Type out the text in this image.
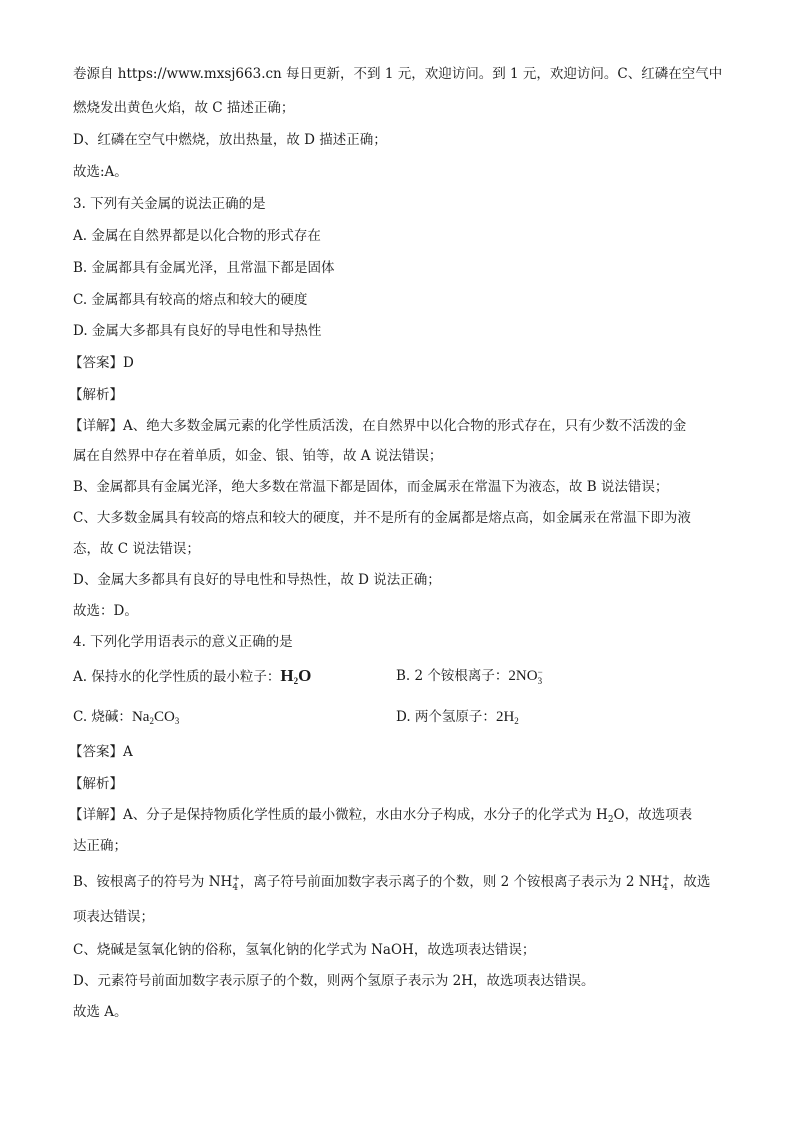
卷源自 https://www.mxsj663.cn 每日更新，不到 1 元，欢迎访问。到 1 元，欢迎访问。C、红磷在空气中
燃烧发出黄色火焰，故 C 描述正确；
D、红磷在空气中燃烧，放出热量，故 D 描述正确；
故选:A。
3. 下列有关金属的说法正确的是
A. 金属在自然界都是以化合物的形式存在
B. 金属都具有金属光泽，且常温下都是固体
C. 金属都具有较高的熔点和较大的硬度
D. 金属大多都具有良好的导电性和导热性
【答案】D
【解析】
【详解】A、绝大多数金属元素的化学性质活泼，在自然界中以化合物的形式存在，只有少数不活泼的金
属在自然界中存在着单质，如金、银、铂等，故 A 说法错误；
B、金属都具有金属光泽，绝大多数在常温下都是固体，而金属汞在常温下为液态，故 B 说法错误；
C、大多数金属具有较高的熔点和较大的硬度，并不是所有的金属都是熔点高，如金属汞在常温下即为液
态，故 C 说法错误；
D、金属大多都具有良好的导电性和导热性，故 D 说法正确；
故选：D。
4. 下列化学用语表示的意义正确的是
A. 保持水的化学性质的最小粒子：$H_2O$	B. 2 个铵根离子：2NO −
3
C. 烧碱：$Na_2CO_3$	D. 两个氢原子：$2H_2$
【答案】A
【解析】
【详解】A、分子是保持物质化学性质的最小微粒，水由水分子构成，水分子的化学式为 $H_2O$，故选项表
达正确；
B、铵根离子的符号为 NH +
4 ，离子符号前面加数字表示离子的个数，则 2 个铵根离子表示为 2 NH +
4 ，故选
项表达错误；
C、烧碱是氢氧化钠的俗称，氢氧化钠的化学式为 NaOH，故选项表达错误；
D、元素符号前面加数字表示原子的个数，则两个氢原子表示为 2H，故选项表达错误。
故选 A。
